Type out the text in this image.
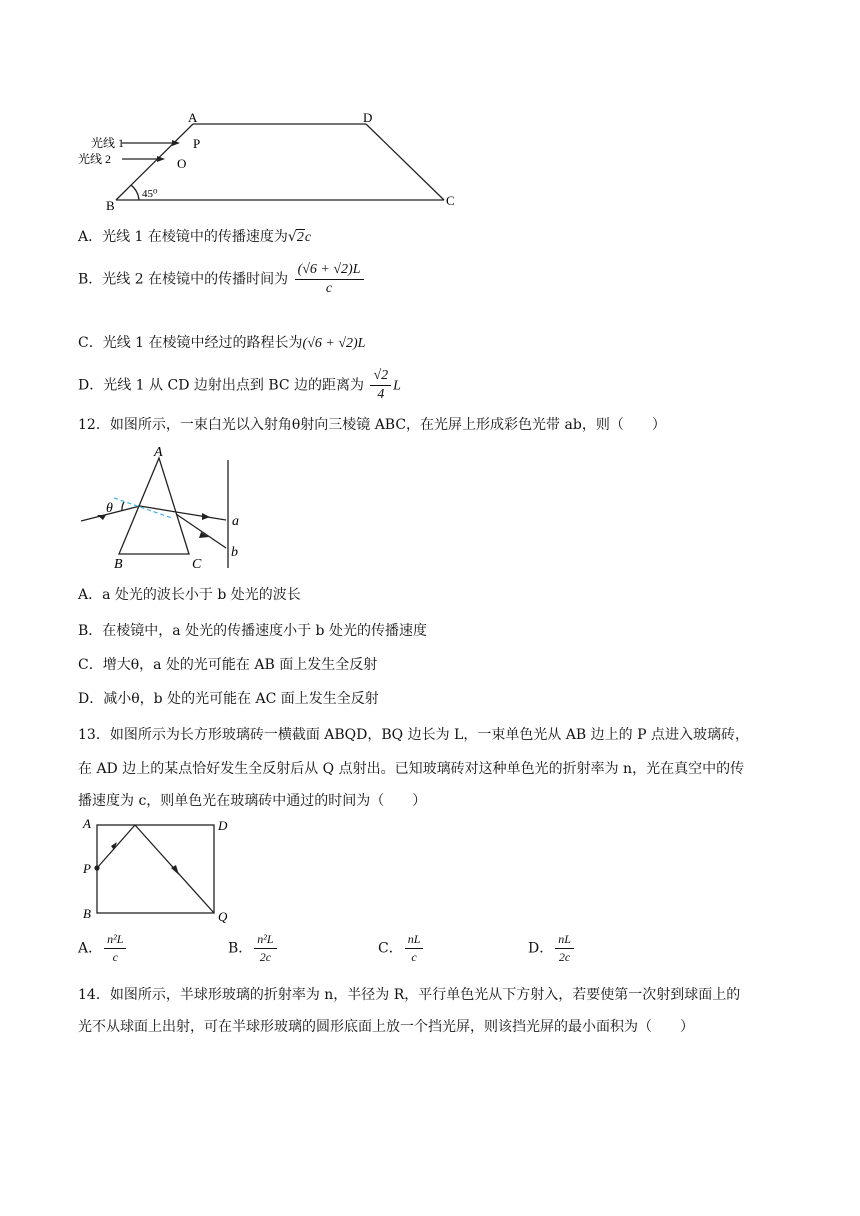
A	D
B	C
P
O
45⁰
光线 1
光线 2
A．光线 1 在棱镜中的传播速度为√2c
B．光线 2 在棱镜中的传播时间为 $\frac{(√6 + √2)L}{c}$
C．光线 1 在棱镜中经过的路程长为(√6 + √2)L
D．光线 1 从 CD 边射出点到 BC 边的距离为 $\frac{√2}{4}$ L
12．如图所示，一束白光以入射角θ射向三棱镜 ABC，在光屏上形成彩色光带 ab，则（　　）
A
B	C
a
b
θ
A．a 处光的波长小于 b 处光的波长
B．在棱镜中，a 处光的传播速度小于 b 处光的传播速度
C．增大θ，a 处的光可能在 AB 面上发生全反射
D．减小θ，b 处的光可能在 AC 面上发生全反射
13．如图所示为长方形玻璃砖一横截面 ABQD，BQ 边长为 L，一束单色光从 AB 边上的 P 点进入玻璃砖，
在 AD 边上的某点恰好发生全反射后从 Q 点射出。已知玻璃砖对这种单色光的折射率为 n，光在真空中的传
播速度为 c，则单色光在玻璃砖中通过的时间为（　　）
A	D
P
B	Q
A． $\frac{\text{n²L}}{c}$	B． $\frac{\text{n²L}}{2c}$	C． $\frac{nL}{c}$	D． $\frac{nL}{2c}$
14．如图所示，半球形玻璃的折射率为 n，半径为 R，平行单色光从下方射入，若要使第一次射到球面上的
光不从球面上出射，可在半球形玻璃的圆形底面上放一个挡光屏，则该挡光屏的最小面积为（　　）
